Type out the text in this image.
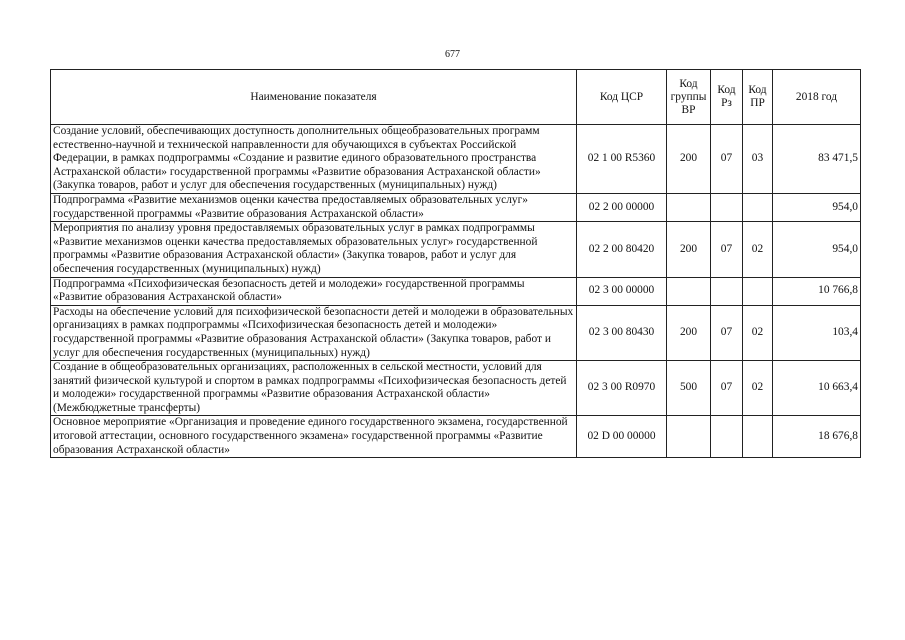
677
Наименование показателя	Код ЦСР	Код группы ВР	Код Рз	Код ПР	2018 год
Создание условий, обеспечивающих доступность дополнительных общеобразовательных программ естественно-научной и технической направленности для обучающихся в субъектах Российской Федерации, в рамках подпрограммы «Создание и развитие единого образовательного пространства Астраханской области» государственной программы «Развитие образования Астраханской области» (Закупка товаров, работ и услуг для обеспечения государственных (муниципальных) нужд)	02 1 00 R5360	200	07	03	83 471,5
Подпрограмма «Развитие механизмов оценки качества предоставляемых образовательных услуг» государственной программы «Развитие образования Астраханской области»	02 2 00 00000				954,0
Мероприятия по анализу уровня предоставляемых образовательных услуг в рамках подпрограммы «Развитие механизмов оценки качества предоставляемых образовательных услуг» государственной программы «Развитие образования Астраханской области» (Закупка товаров, работ и услуг для обеспечения государственных (муниципальных) нужд)	02 2 00 80420	200	07	02	954,0
Подпрограмма «Психофизическая безопасность детей и молодежи» государственной программы «Развитие образования Астраханской области»	02 3 00 00000				10 766,8
Расходы на обеспечение условий для психофизической безопасности детей и молодежи в образовательных организациях в рамках подпрограммы «Психофизическая безопасность детей и молодежи» государственной программы «Развитие образования Астраханской области» (Закупка товаров, работ и услуг для обеспечения государственных (муниципальных) нужд)	02 3 00 80430	200	07	02	103,4
Создание в общеобразовательных организациях, расположенных в сельской местности, условий для занятий физической культурой и спортом в рамках подпрограммы «Психофизическая безопасность детей и молодежи» государственной программы «Развитие образования Астраханской области» (Межбюджетные трансферты)	02 3 00 R0970	500	07	02	10 663,4
Основное мероприятие «Организация и проведение единого государственного экзамена, государственной итоговой аттестации, основного государственного экзамена» государственной программы «Развитие образования Астраханской области»	02 D 00 00000				18 676,8
